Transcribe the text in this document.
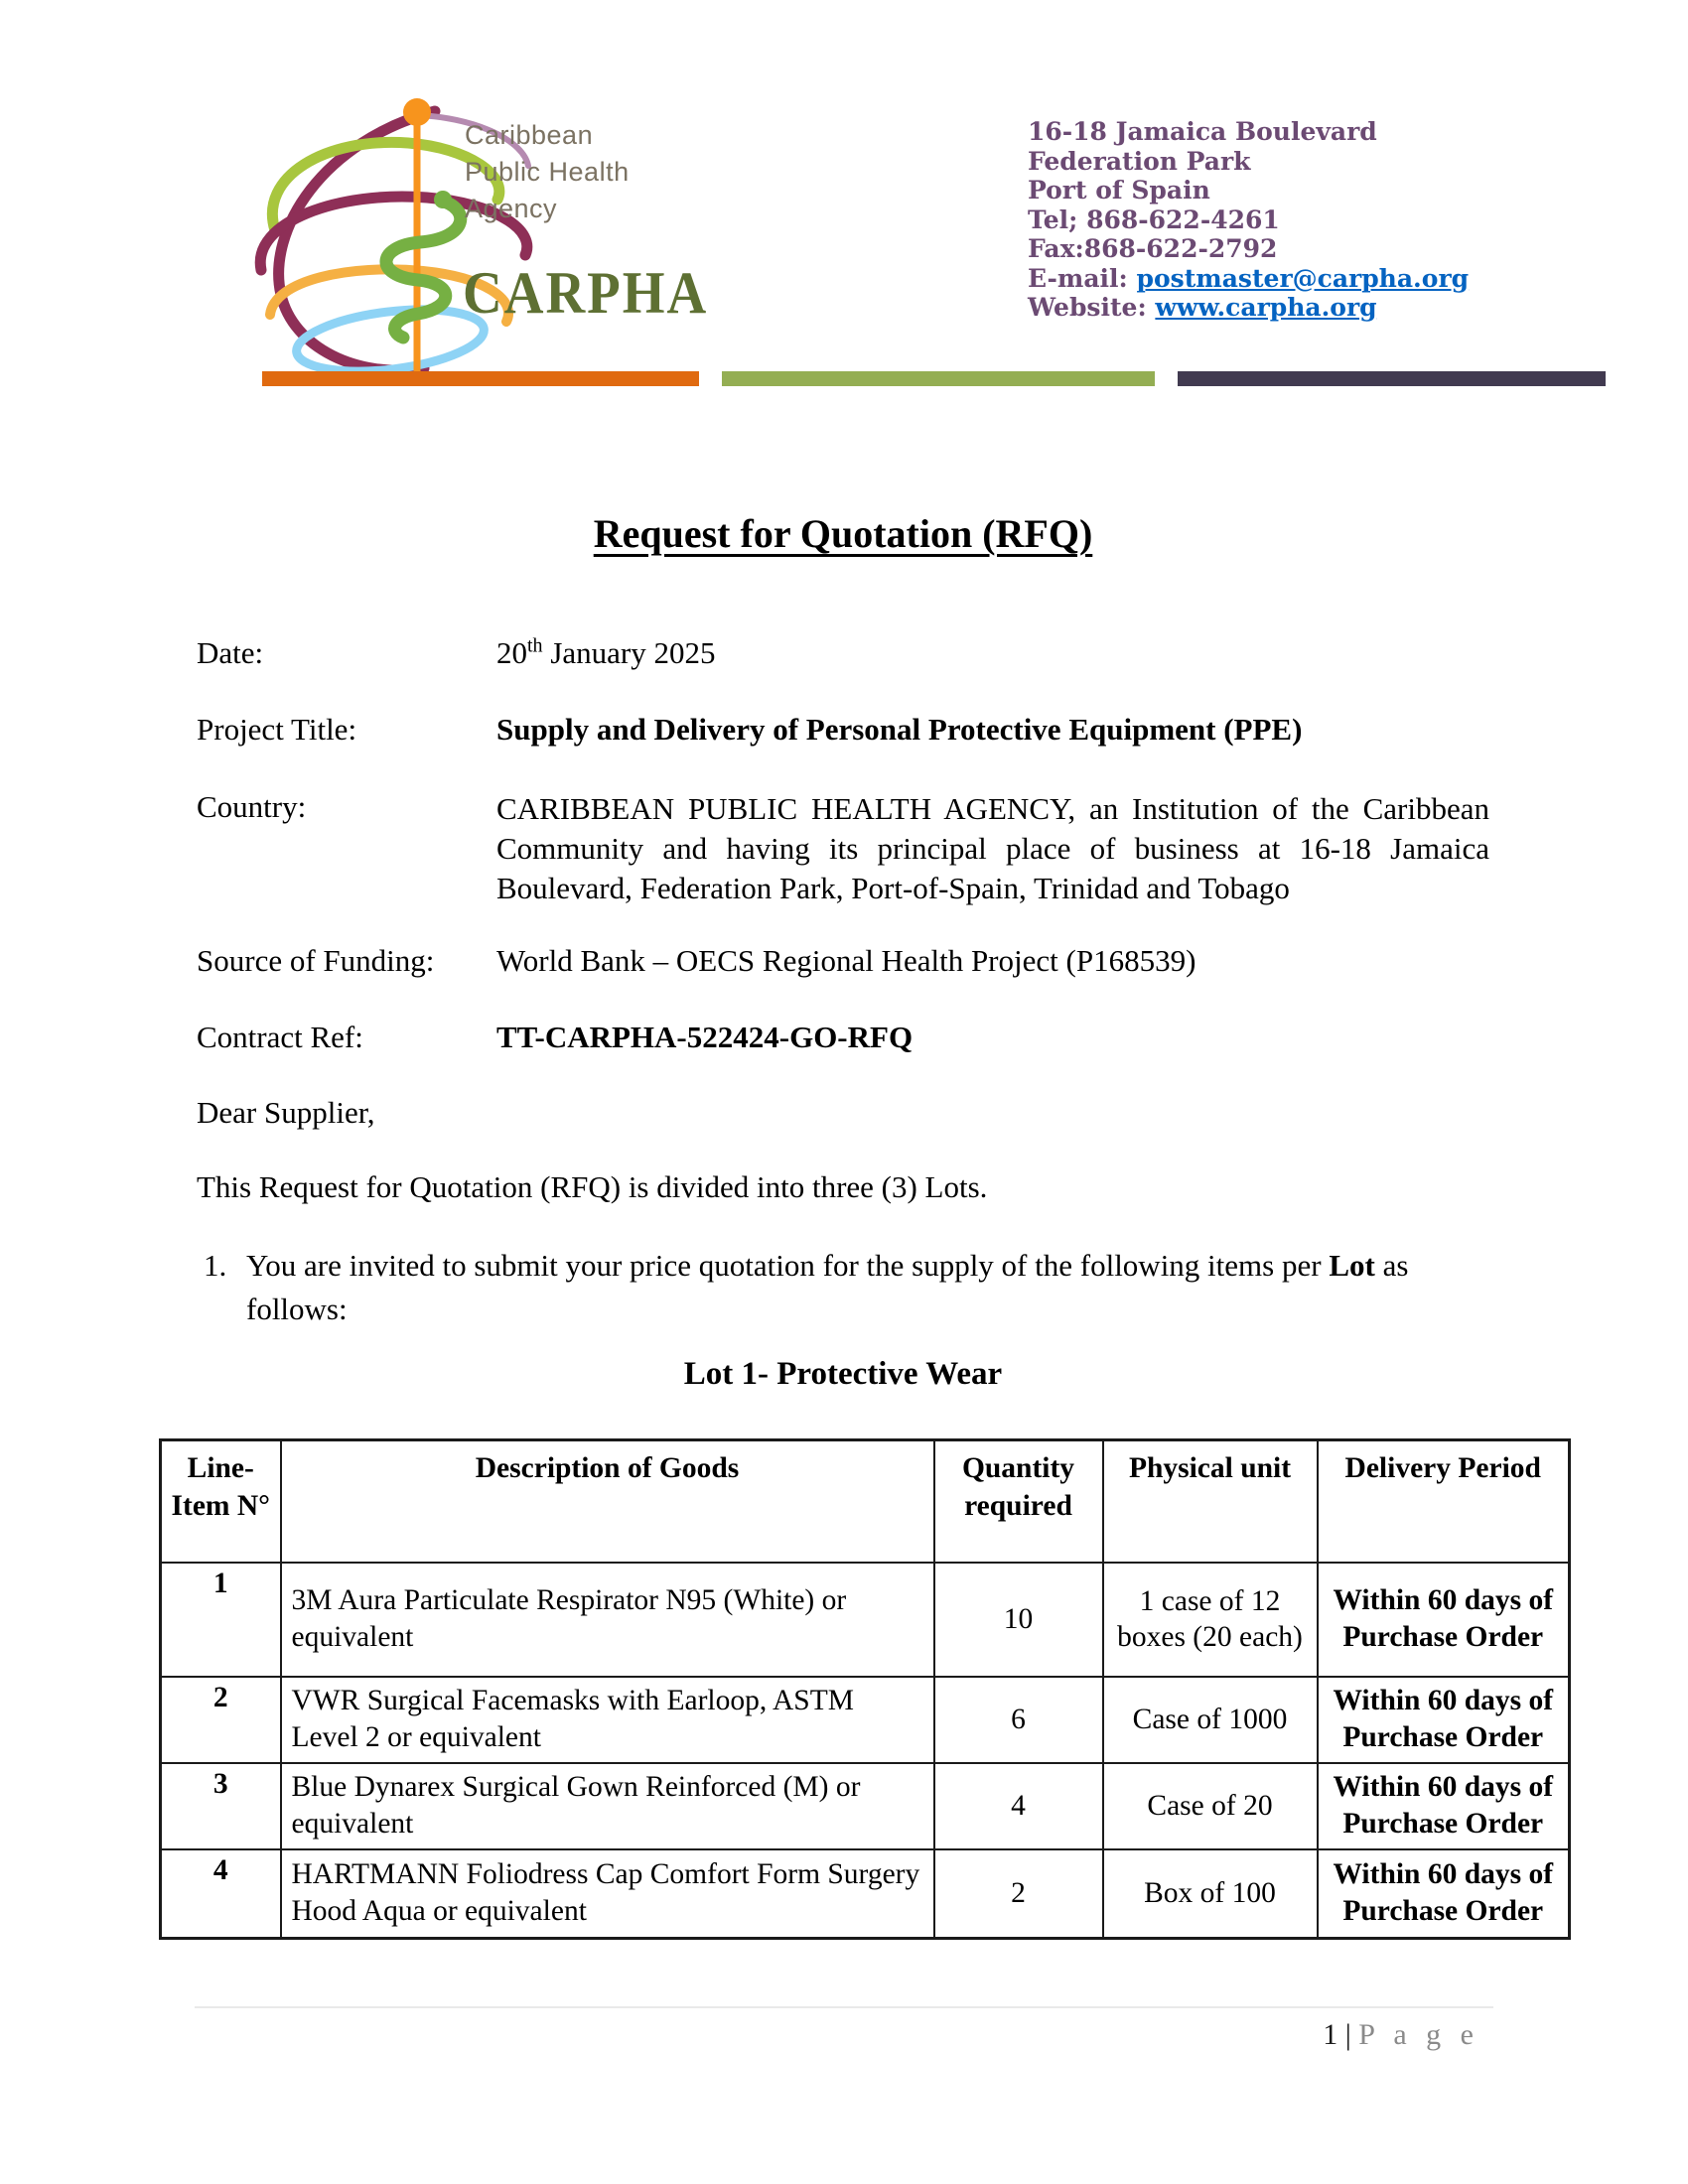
Caribbean
Public Health
Agency
CARPHA
16-18 Jamaica Boulevard
Federation Park
Port of Spain
Tel; 868-622-4261
Fax:868-622-2792
E-mail: postmaster@carpha.org
Website: www.carpha.org
Request for Quotation (RFQ)
Date:	20th January 2025
Project Title:	Supply and Delivery of Personal Protective Equipment (PPE)
Country:	CARIBBEAN PUBLIC HEALTH AGENCY, an Institution of the Caribbean Community and having its principal place of business at 16-18 Jamaica Boulevard, Federation Park, Port-of-Spain, Trinidad and Tobago
Source of Funding: World Bank – OECS Regional Health Project (P168539)
Contract Ref:	TT-CARPHA-522424-GO-RFQ
Dear Supplier,
This Request for Quotation (RFQ) is divided into three (3) Lots.
1. You are invited to submit your price quotation for the supply of the following items per Lot as follows:
Lot 1- Protective Wear
Line-Item N°	Description of Goods	Quantity required	Physical unit	Delivery Period
1	3M Aura Particulate Respirator N95 (White) or equivalent	10	1 case of 12 boxes (20 each)	Within 60 days of Purchase Order
2	VWR Surgical Facemasks with Earloop, ASTM Level 2 or equivalent	6	Case of 1000	Within 60 days of Purchase Order
3	Blue Dynarex Surgical Gown Reinforced (M) or equivalent	4	Case of 20	Within 60 days of Purchase Order
4	HARTMANN Foliodress Cap Comfort Form Surgery Hood Aqua or equivalent	2	Box of 100	Within 60 days of Purchase Order
1 | P a g e
